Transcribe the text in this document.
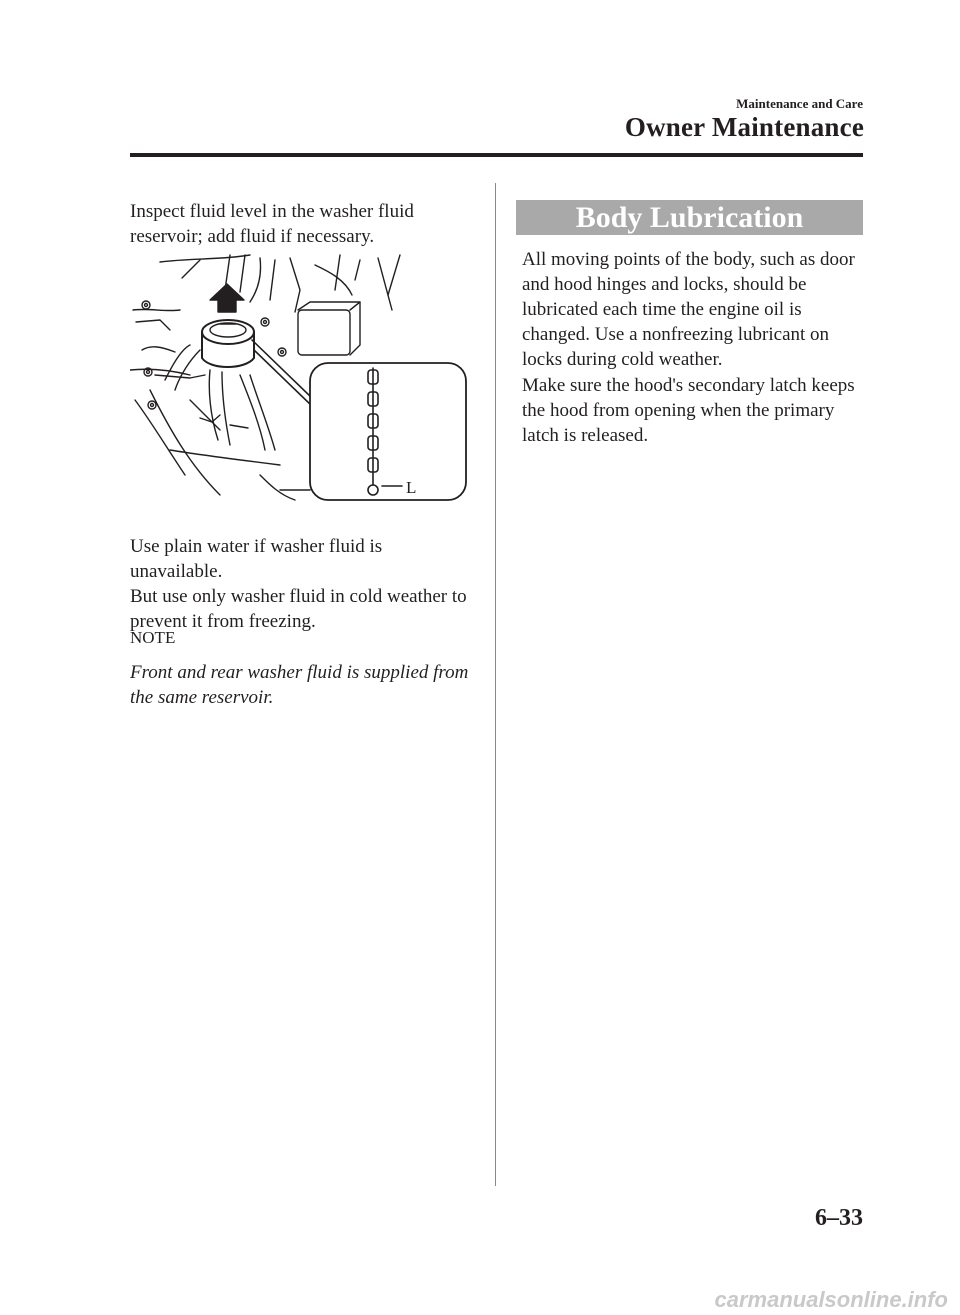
Maintenance and Care
Owner Maintenance

Inspect fluid level in the washer fluid reservoir; add fluid if necessary.

L

Use plain water if washer fluid is unavailable.

But use only washer fluid in cold weather to prevent it from freezing.

NOTE

Front and rear washer fluid is supplied from the same reservoir.

Body Lubrication

All moving points of the body, such as door and hood hinges and locks, should be lubricated each time the engine oil is changed. Use a nonfreezing lubricant on locks during cold weather.

Make sure the hood's secondary latch keeps the hood from opening when the primary latch is released.

6–33
carmanualsonline.info
